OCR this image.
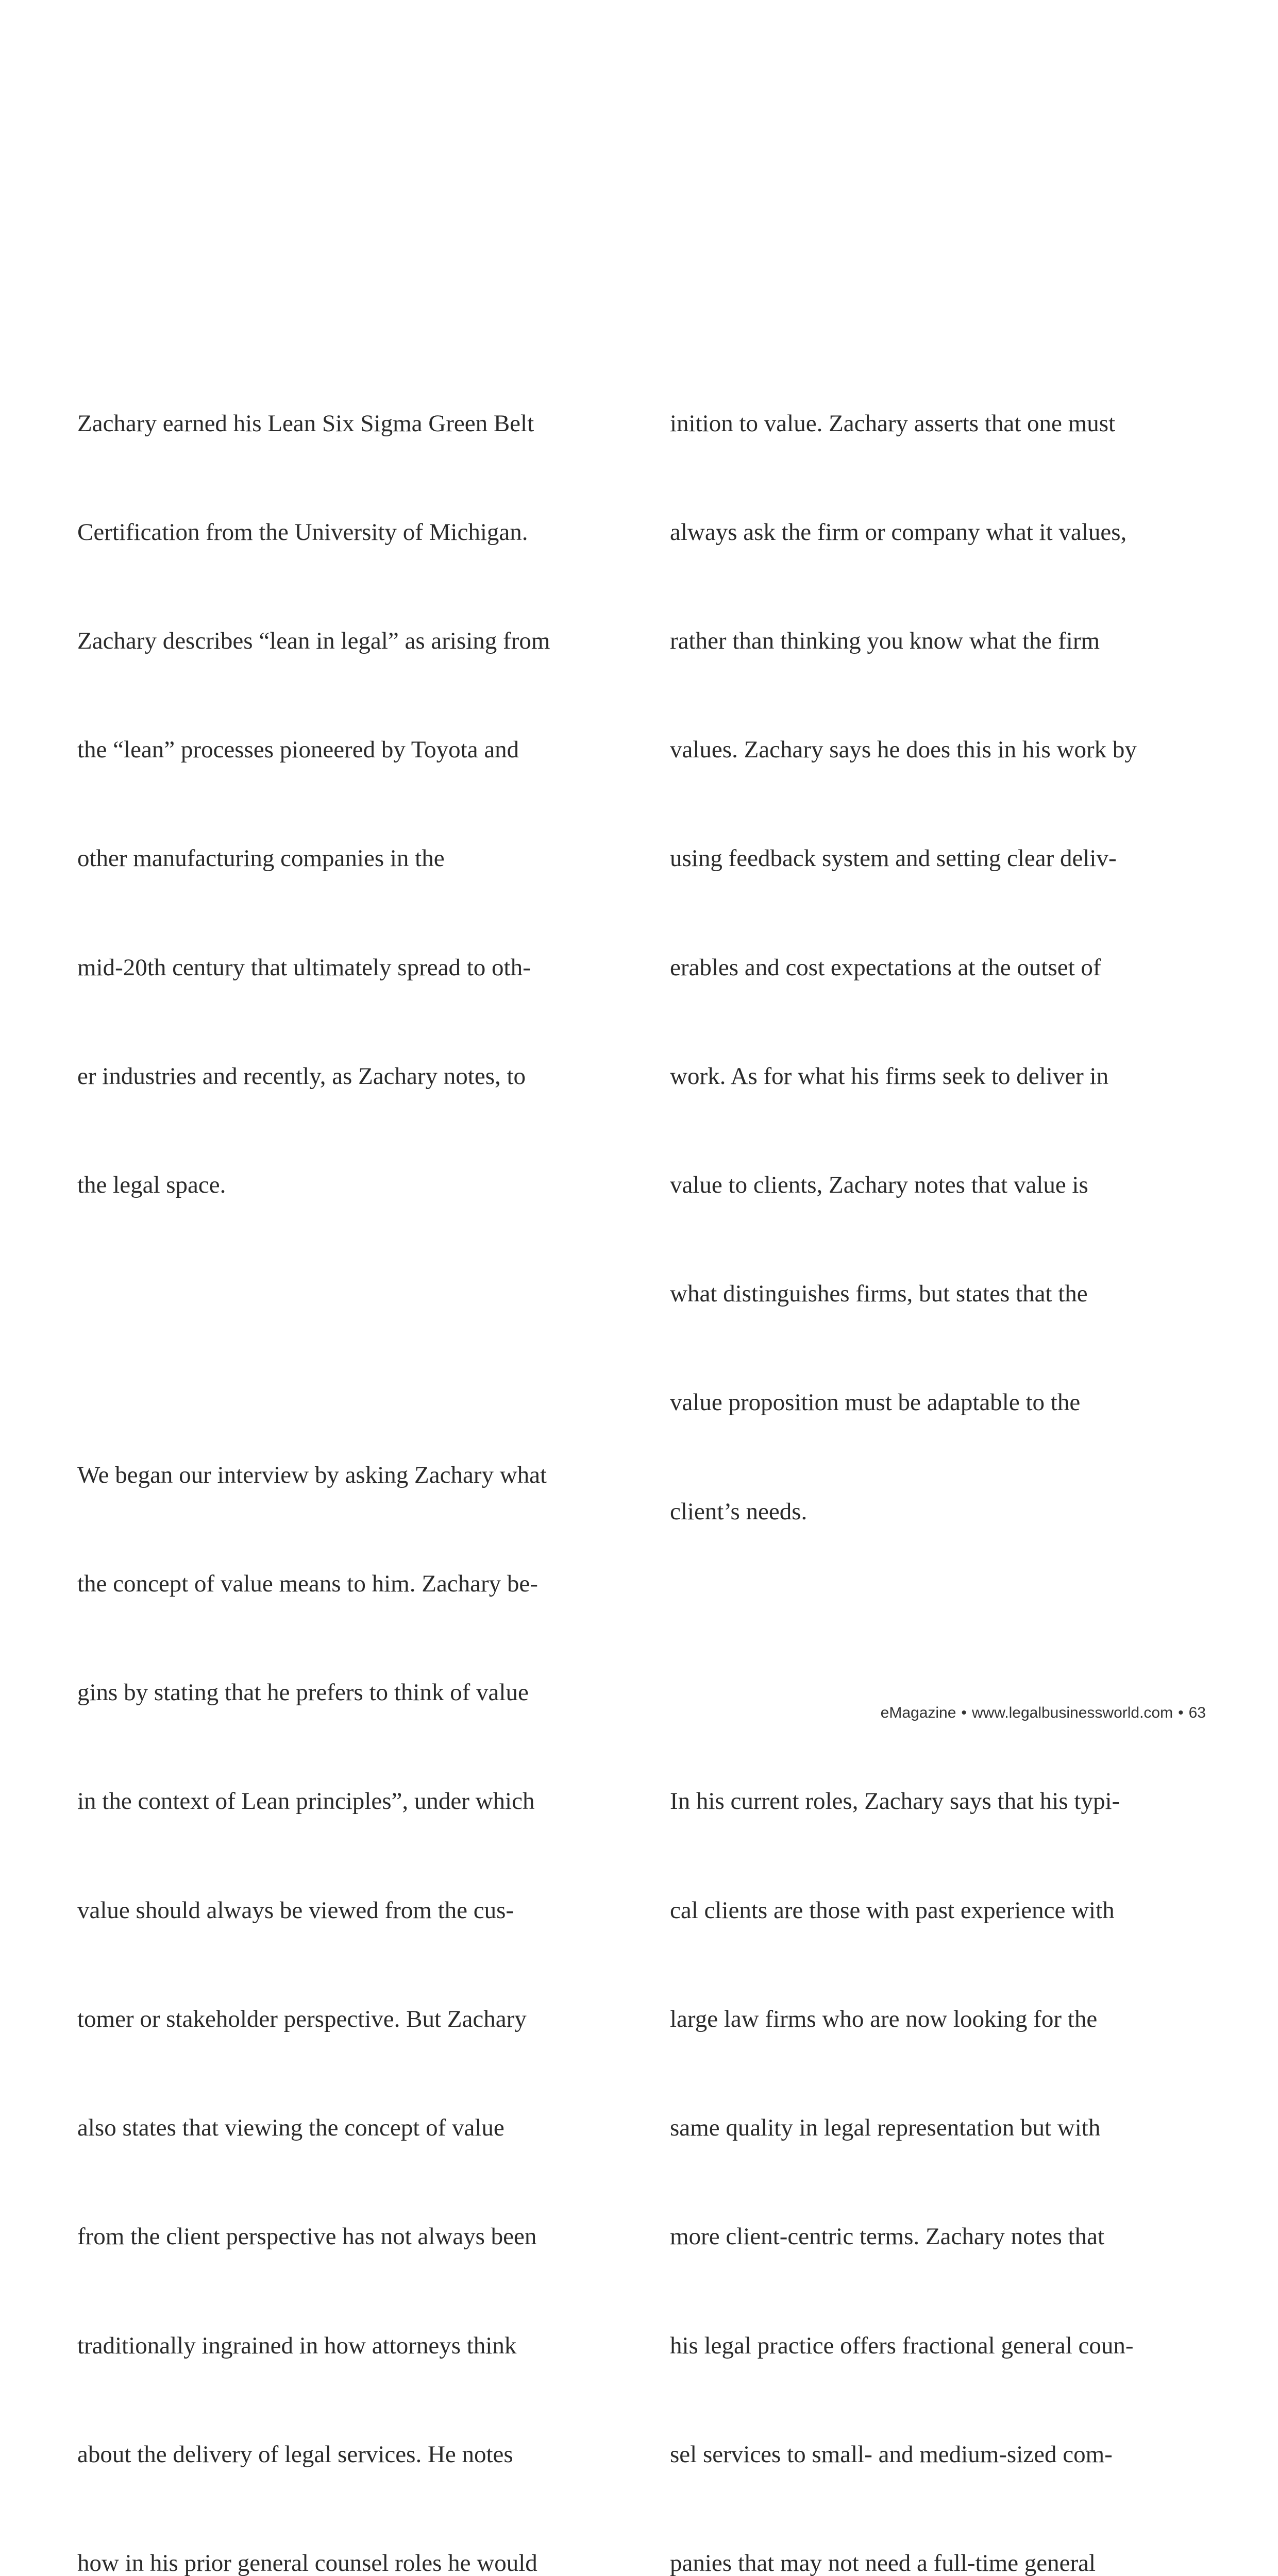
Zachary earned his Lean Six Sigma Green Belt

Certification from the University of Michigan.

Zachary describes “lean in legal” as arising from

the “lean” processes pioneered by Toyota and

other manufacturing companies in the

mid-20th century that ultimately spread to oth-

er industries and recently, as Zachary notes, to

the legal space.

We began our interview by asking Zachary what

the concept of value means to him. Zachary be-

gins by stating that he prefers to think of value

in the context of Lean principles”, under which

value should always be viewed from the cus-

tomer or stakeholder perspective. But Zachary

also states that viewing the concept of value

from the client perspective has not always been

traditionally ingrained in how attorneys think

about the delivery of legal services. He notes

how in his prior general counsel roles he would

inition to value. Zachary asserts that one must

always ask the firm or company what it values,

rather than thinking you know what the firm

values. Zachary says he does this in his work by

using feedback system and setting clear deliv-

erables and cost expectations at the outset of

work. As for what his firms seek to deliver in

value to clients, Zachary notes that value is

what distinguishes firms, but states that the

value proposition must be adaptable to the

client’s needs.

In his current roles, Zachary says that his typi-

cal clients are those with past experience with

large law firms who are now looking for the

same quality in legal representation but with

more client-centric terms. Zachary notes that

his legal practice offers fractional general coun-

sel services to small- and medium-sized com-

panies that may not need a full-time general

eMagazine • www.legalbusinessworld.com • 63
